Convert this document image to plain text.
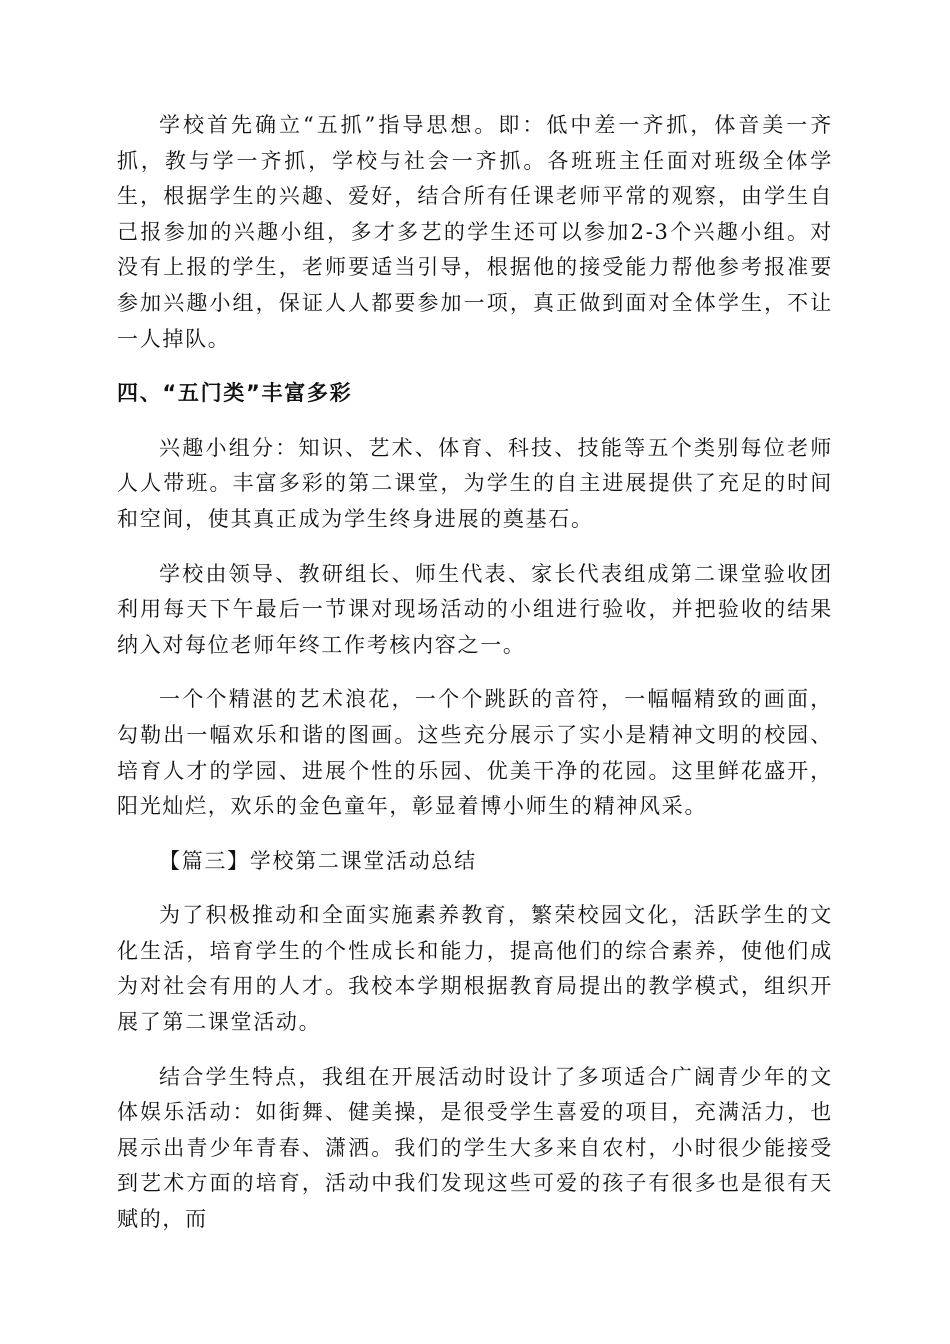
学校首先确立“五抓”指导思想。即：低中差一齐抓，体音美一齐抓，教与学一齐抓，学校与社会一齐抓。各班班主任面对班级全体学生，根据学生的兴趣、爱好，结合所有任课老师平常的观察，由学生自己报参加的兴趣小组，多才多艺的学生还可以参加2-3个兴趣小组。对没有上报的学生，老师要适当引导，根据他的接受能力帮他参考报准要参加兴趣小组，保证人人都要参加一项，真正做到面对全体学生，不让一人掉队。

四、“五门类”丰富多彩

兴趣小组分：知识、艺术、体育、科技、技能等五个类别每位老师人人带班。丰富多彩的第二课堂，为学生的自主进展提供了充足的时间和空间，使其真正成为学生终身进展的奠基石。

学校由领导、教研组长、师生代表、家长代表组成第二课堂验收团利用每天下午最后一节课对现场活动的小组进行验收，并把验收的结果纳入对每位老师年终工作考核内容之一。

一个个精湛的艺术浪花，一个个跳跃的音符，一幅幅精致的画面，勾勒出一幅欢乐和谐的图画。这些充分展示了实小是精神文明的校园、培育人才的学园、进展个性的乐园、优美干净的花园。这里鲜花盛开，阳光灿烂，欢乐的金色童年，彰显着博小师生的精神风采。

【篇三】学校第二课堂活动总结

为了积极推动和全面实施素养教育，繁荣校园文化，活跃学生的文化生活，培育学生的个性成长和能力，提高他们的综合素养，使他们成为对社会有用的人才。我校本学期根据教育局提出的教学模式，组织开展了第二课堂活动。

结合学生特点，我组在开展活动时设计了多项适合广阔青少年的文体娱乐活动：如街舞、健美操，是很受学生喜爱的项目，充满活力，也展示出青少年青春、潇洒。我们的学生大多来自农村，小时很少能接受到艺术方面的培育，活动中我们发现这些可爱的孩子有很多也是很有天赋的，而
